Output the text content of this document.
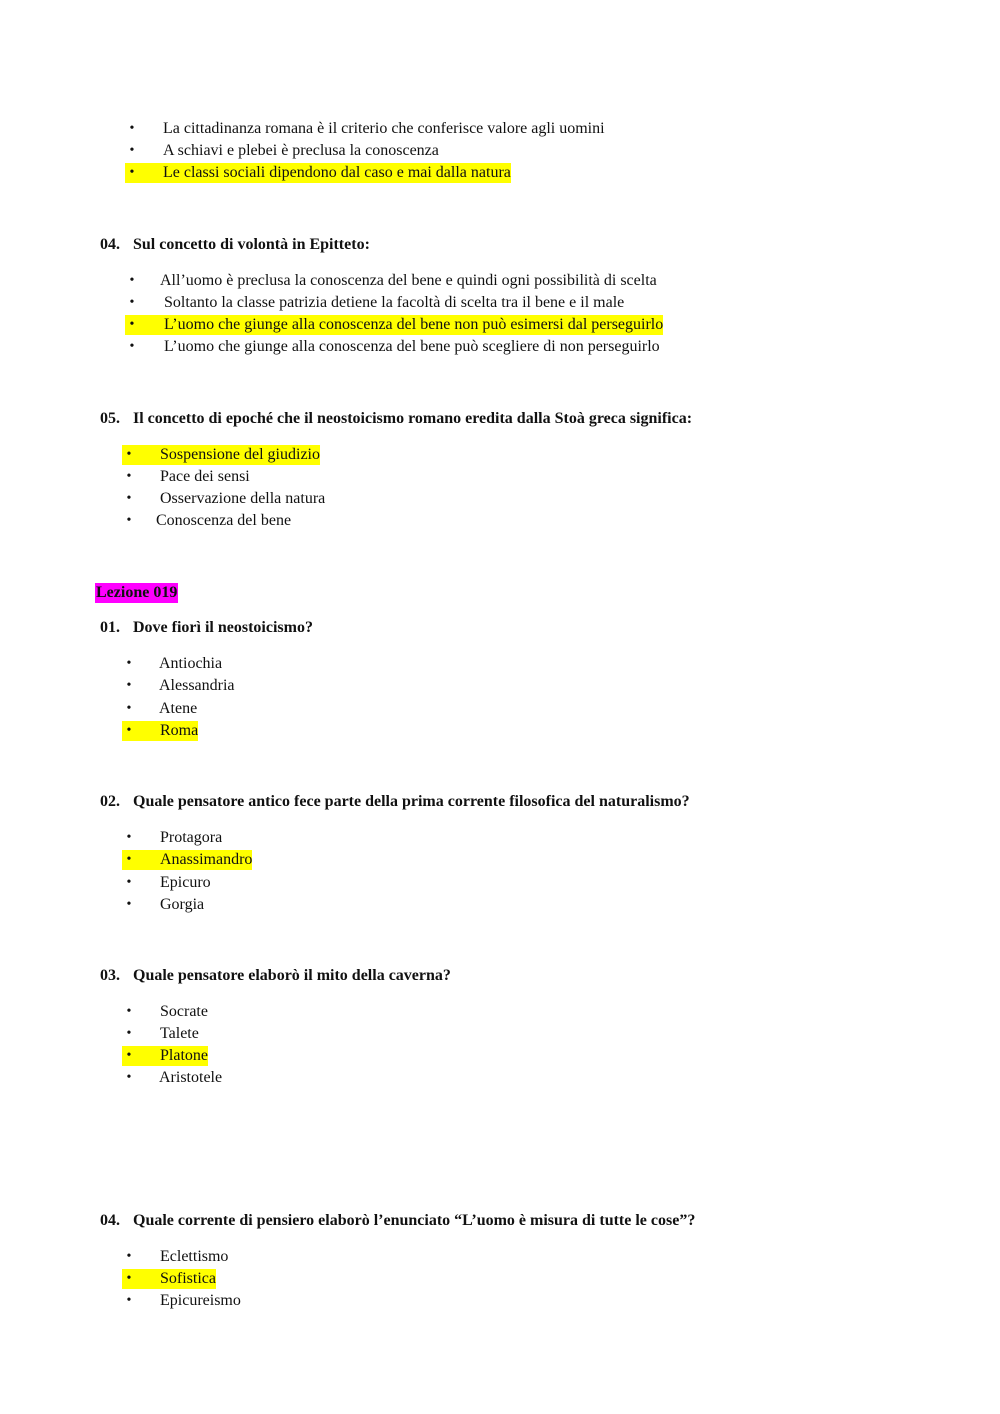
• La cittadinanza romana è il criterio che conferisce valore agli uomini
• A schiavi e plebei è preclusa la conoscenza
• Le classi sociali dipendono dal caso e mai dalla natura
04. Sul concetto di volontà in Epitteto:
• All’uomo è preclusa la conoscenza del bene e quindi ogni possibilità di scelta
• Soltanto la classe patrizia detiene la facoltà di scelta tra il bene e il male
• L’uomo che giunge alla conoscenza del bene non può esimersi dal perseguirlo
• L’uomo che giunge alla conoscenza del bene può scegliere di non perseguirlo
05. Il concetto di epoché che il neostoicismo romano eredita dalla Stoà greca significa:
• Sospensione del giudizio
• Pace dei sensi
• Osservazione della natura
• Conoscenza del bene
Lezione 019
01. Dove fiorì il neostoicismo?
• Antiochia
• Alessandria
• Atene
• Roma
02. Quale pensatore antico fece parte della prima corrente filosofica del naturalismo?
• Protagora
• Anassimandro
• Epicuro
• Gorgia
03. Quale pensatore elaborò il mito della caverna?
• Socrate
• Talete
• Platone
• Aristotele
04. Quale corrente di pensiero elaborò l’enunciato “L’uomo è misura di tutte le cose”?
• Eclettismo
• Sofistica
• Epicureismo
